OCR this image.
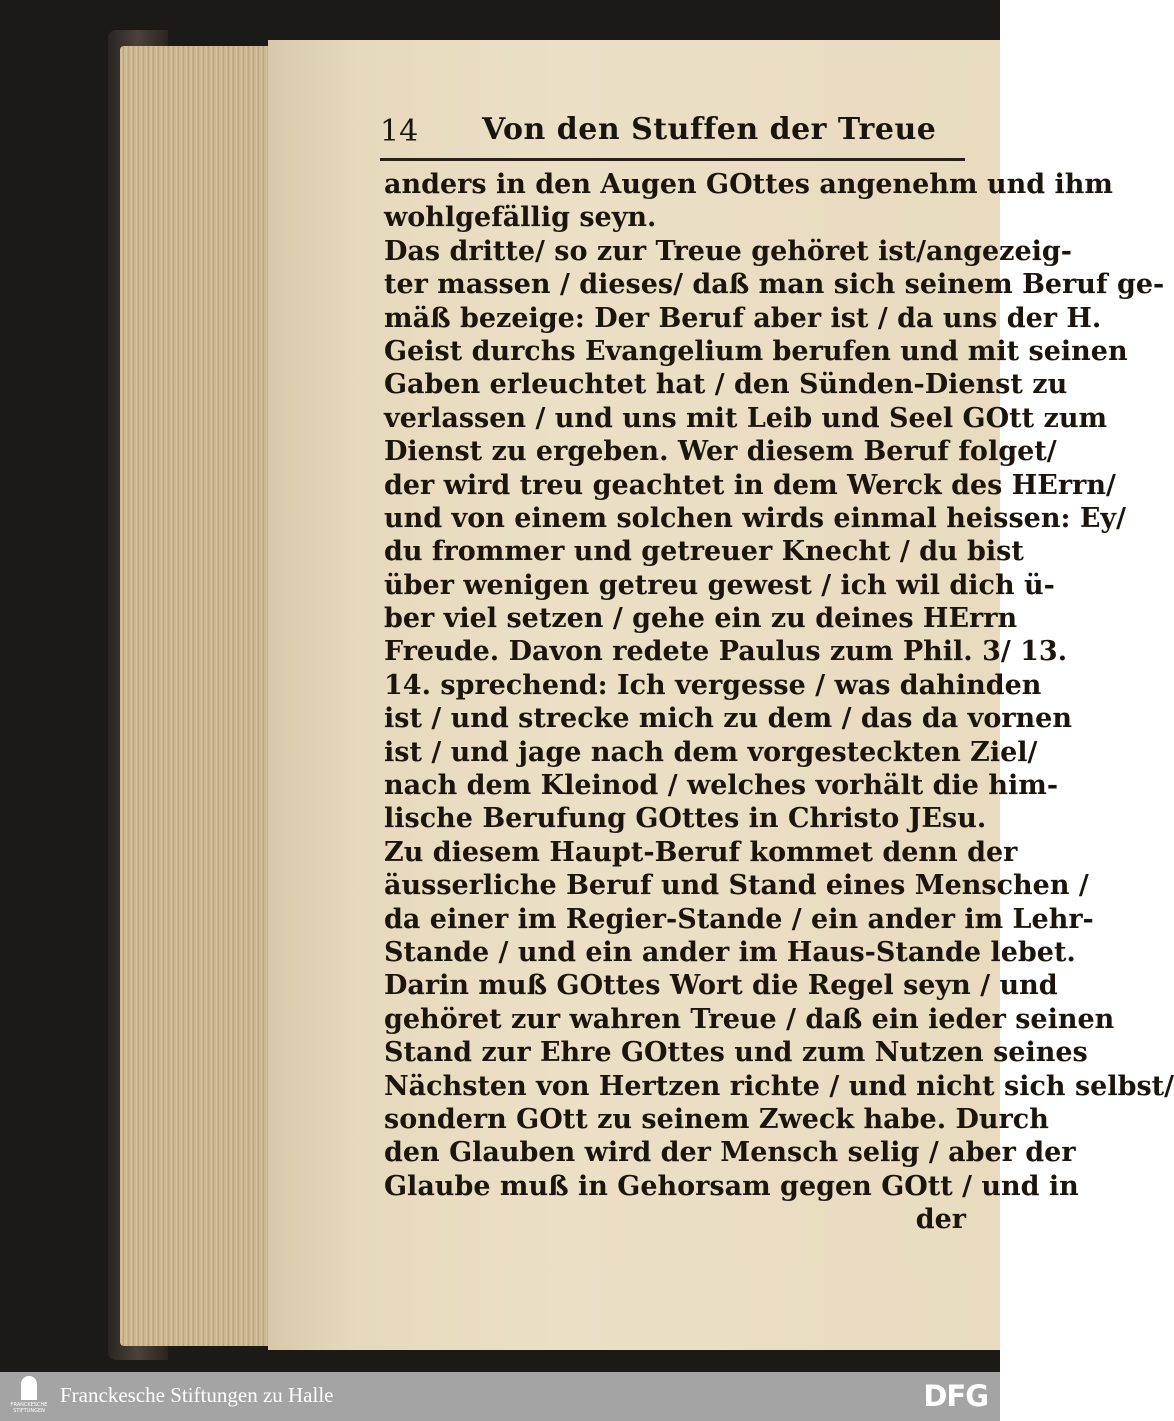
14 Von den Stuffen der Treue
anders in den Augen GOttes angenehm und ihm
wohlgefällig seyn.
Das dritte/ so zur Treue gehöret ist/angezeig-
ter massen / dieses/ daß man sich seinem Beruf ge-
mäß bezeige: Der Beruf aber ist / da uns der H.
Geist durchs Evangelium berufen und mit seinen
Gaben erleuchtet hat / den Sünden-Dienst zu
verlassen / und uns mit Leib und Seel GOtt zum
Dienst zu ergeben. Wer diesem Beruf folget/
der wird treu geachtet in dem Werck des HErrn/
und von einem solchen wirds einmal heissen: Ey/
du frommer und getreuer Knecht / du bist
über wenigen getreu gewest / ich wil dich ü-
ber viel setzen / gehe ein zu deines HErrn
Freude. Davon redete Paulus zum Phil. 3/ 13.
14. sprechend: Ich vergesse / was dahinden
ist / und strecke mich zu dem / das da vornen
ist / und jage nach dem vorgesteckten Ziel/
nach dem Kleinod / welches vorhält die him-
lische Berufung GOttes in Christo JEsu.
Zu diesem Haupt-Beruf kommet denn der
äusserliche Beruf und Stand eines Menschen /
da einer im Regier-Stande / ein ander im Lehr-
Stande / und ein ander im Haus-Stande lebet.
Darin muß GOttes Wort die Regel seyn / und
gehöret zur wahren Treue / daß ein ieder seinen
Stand zur Ehre GOttes und zum Nutzen seines
Nächsten von Hertzen richte / und nicht sich selbst/
sondern GOtt zu seinem Zweck habe. Durch
den Glauben wird der Mensch selig / aber der
Glaube muß in Gehorsam gegen GOtt / und in
der
FRANCKESCHE STIFTUNGEN
Franckesche Stiftungen zu Halle	DFG
